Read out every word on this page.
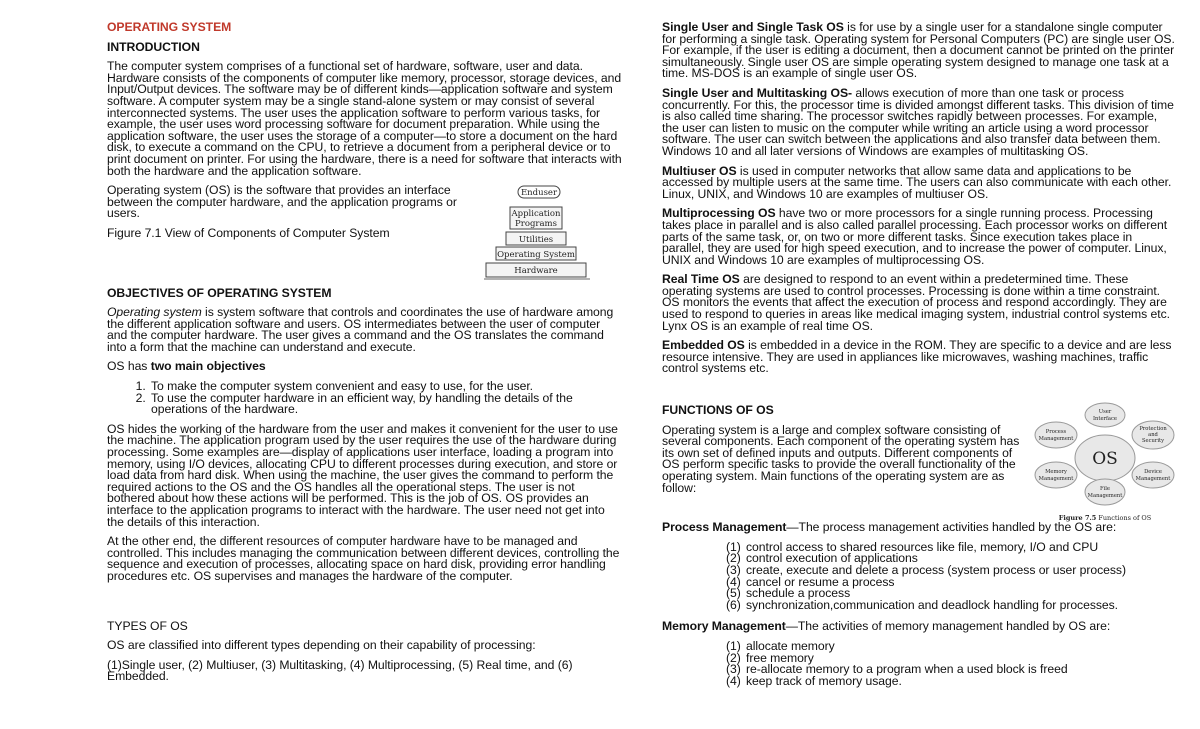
OPERATING SYSTEM

INTRODUCTION

The computer system comprises of a functional set of hardware, software, user and data. Hardware consists of the components of computer like memory, processor, storage devices, and Input/Output devices. The software may be of different kinds—application software and system software. A computer system may be a single stand-alone system or may consist of several interconnected systems. The user uses the application software to perform various tasks, for example, the user uses word processing software for document preparation. While using the application software, the user uses the storage of a computer—to store a document on the hard disk, to execute a command on the CPU, to retrieve a document from a peripheral device or to print document on printer. For using the hardware, there is a need for software that interacts with both the hardware and the application software.

Operating system (OS) is the software that provides an interface between the computer hardware, and the application programs or users.

Figure 7.1 View of Components of Computer System

OBJECTIVES OF OPERATING SYSTEM

Operating system is system software that controls and coordinates the use of hardware among the different application software and users. OS intermediates between the user of computer and the computer hardware. The user gives a command and the OS translates the command into a form that the machine can understand and execute.

OS has two main objectives

1. To make the computer system convenient and easy to use, for the user.
2. To use the computer hardware in an efficient way, by handling the details of the operations of the hardware.

OS hides the working of the hardware from the user and makes it convenient for the user to use the machine. The application program used by the user requires the use of the hardware during processing. Some examples are—display of applications user interface, loading a program into memory, using I/O devices, allocating CPU to different processes during execution, and store or load data from hard disk. When using the machine, the user gives the command to perform the required actions to the OS and the OS handles all the operational steps. The user is not bothered about how these actions will be performed. This is the job of OS. OS provides an interface to the application programs to interact with the hardware. The user need not get into the details of this interaction.

At the other end, the different resources of computer hardware have to be managed and controlled. This includes managing the communication between different devices, controlling the sequence and execution of processes, allocating space on hard disk, providing error handling procedures etc. OS supervises and manages the hardware of the computer.

TYPES OF OS

OS are classified into different types depending on their capability of processing:

(1)Single user, (2) Multiuser, (3) Multitasking, (4) Multiprocessing, (5) Real time, and (6) Embedded.

Enduser
Application
Programs
Utilities
Operating System
Hardware

Single User and Single Task OS is for use by a single user for a standalone single computer for performing a single task. Operating system for Personal Computers (PC) are single user OS. For example, if the user is editing a document, then a document cannot be printed on the printer simultaneously. Single user OS are simple operating system designed to manage one task at a time. MS-DOS is an example of single user OS.

Single User and Multitasking OS- allows execution of more than one task or process concurrently. For this, the processor time is divided amongst different tasks. This division of time is also called time sharing. The processor switches rapidly between processes. For example, the user can listen to music on the computer while writing an article using a word processor software. The user can switch between the applications and also transfer data between them. Windows 10 and all later versions of Windows are examples of multitasking OS.

Multiuser OS is used in computer networks that allow same data and applications to be accessed by multiple users at the same time. The users can also communicate with each other. Linux, UNIX, and Windows 10 are examples of multiuser OS.

Multiprocessing OS have two or more processors for a single running process. Processing takes place in parallel and is also called parallel processing. Each processor works on different parts of the same task, or, on two or more different tasks. Since execution takes place in parallel, they are used for high speed execution, and to increase the power of computer. Linux, UNIX and Windows 10 are examples of multiprocessing OS.

Real Time OS are designed to respond to an event within a predetermined time. These operating systems are used to control processes. Processing is done within a time constraint. OS monitors the events that affect the execution of process and respond accordingly. They are used to respond to queries in areas like medical imaging system, industrial control systems etc. Lynx OS is an example of real time OS.

Embedded OS is embedded in a device in the ROM. They are specific to a device and are less resource intensive. They are used in appliances like microwaves, washing machines, traffic control systems etc.

FUNCTIONS OF OS

Operating system is a large and complex software consisting of several components. Each component of the operating system has its own set of defined inputs and outputs. Different components of OS perform specific tasks to provide the overall functionality of the operating system. Main functions of the operating system are as follow:

Process Management—The process management activities handled by the OS are:

(1) control access to shared resources like file, memory, I/O and CPU
(2) control execution of applications
(3) create, execute and delete a process (system process or user process)
(4) cancel or resume a process
(5) schedule a process
(6) synchronization,communication and deadlock handling for processes.

Memory Management—The activities of memory management handled by OS are:

(1) allocate memory
(2) free memory
(3) re-allocate memory to a program when a used block is freed
(4) keep track of memory usage.
OS
User
Interface
Protection
and
Security
Device
Management
File
Management
Memory
Management
Process
Management
Figure 7.5 Functions of OS
